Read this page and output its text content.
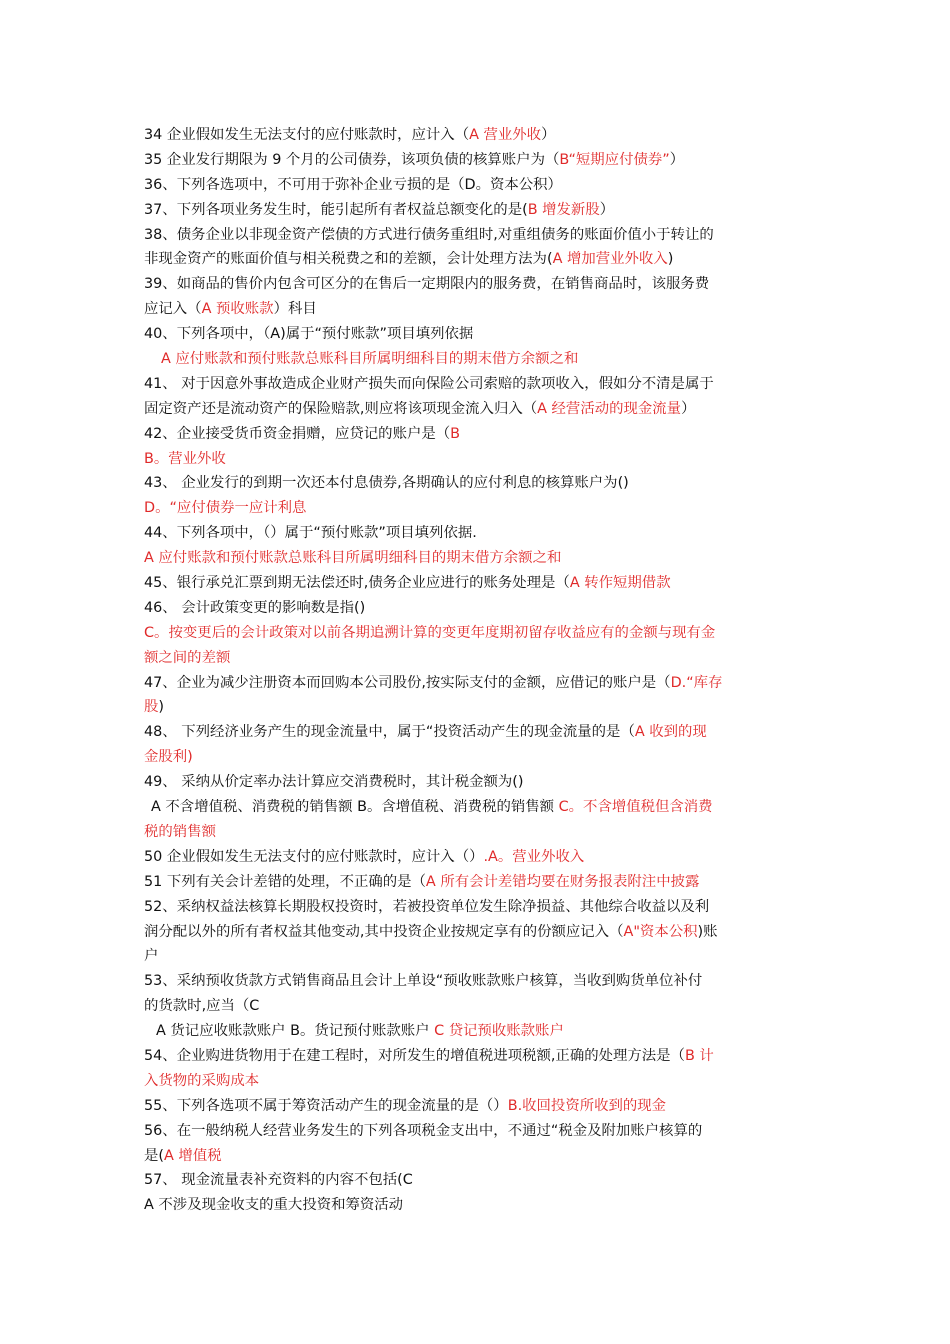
34 企业假如发生无法支付的应付账款时，应计入（A 营业外收）
35 企业发行期限为 9 个月的公司债券，该项负债的核算账户为（B“短期应付债券”）
36、下列各选项中，不可用于弥补企业亏损的是（D。资本公积）
37、下列各项业务发生时，能引起所有者权益总额变化的是(B 增发新股）
38、债务企业以非现金资产偿债的方式进行债务重组时,对重组债务的账面价值小于转让的
非现金资产的账面价值与相关税费之和的差额，会计处理方法为(A 增加营业外收入)
39、如商品的售价内包含可区分的在售后一定期限内的服务费，在销售商品时，该服务费
应记入（A 预收账款）科目
40、下列各项中，（A)属于“预付账款”项目填列依据
A 应付账款和预付账款总账科目所属明细科目的期末借方余额之和
41、 对于因意外事故造成企业财产损失而向保险公司索赔的款项收入，假如分不清是属于
固定资产还是流动资产的保险赔款,则应将该项现金流入归入（A 经营活动的现金流量）
42、企业接受货币资金捐赠，应贷记的账户是（B
B。营业外收
43、 企业发行的到期一次还本付息债券,各期确认的应付利息的核算账户为()
D。“应付债券一应计利息
44、下列各项中，（）属于“预付账款”项目填列依据.
A 应付账款和预付账款总账科目所属明细科目的期末借方余额之和
45、银行承兑汇票到期无法偿还时,债务企业应进行的账务处理是（A 转作短期借款
46、 会计政策变更的影响数是指()
C。按变更后的会计政策对以前各期追溯计算的变更年度期初留存收益应有的金额与现有金
额之间的差额
47、企业为减少注册资本而回购本公司股份,按实际支付的金额，应借记的账户是（D.“库存
股)
48、 下列经济业务产生的现金流量中，属于“投资活动产生的现金流量的是（A 收到的现
金股利)
49、 采纳从价定率办法计算应交消费税时，其计税金额为()
A 不含增值税、消费税的销售额 B。含增值税、消费税的销售额 C。不含增值税但含消费
税的销售额
50 企业假如发生无法支付的应付账款时，应计入（）.A。营业外收入
51 下列有关会计差错的处理，不正确的是（A 所有会计差错均要在财务报表附注中披露
52、采纳权益法核算长期股权投资时，若被投资单位发生除净损益、其他综合收益以及利
润分配以外的所有者权益其他变动,其中投资企业按规定享有的份额应记入（A"资本公积)账
户
53、采纳预收货款方式销售商品且会计上单设“预收账款账户核算，当收到购货单位补付
的货款时,应当（C
A 货记应收账款账户 B。货记预付账款账户 C 贷记预收账款账户
54、企业购进货物用于在建工程时，对所发生的增值税进项税额,正确的处理方法是（B 计
入货物的采购成本
55、下列各选项不属于筹资活动产生的现金流量的是（）B.收回投资所收到的现金
56、在一般纳税人经营业务发生的下列各项税金支出中，不通过“税金及附加账户核算的
是(A 增值税
57、 现金流量表补充资料的内容不包括(C
A 不涉及现金收支的重大投资和筹资活动
